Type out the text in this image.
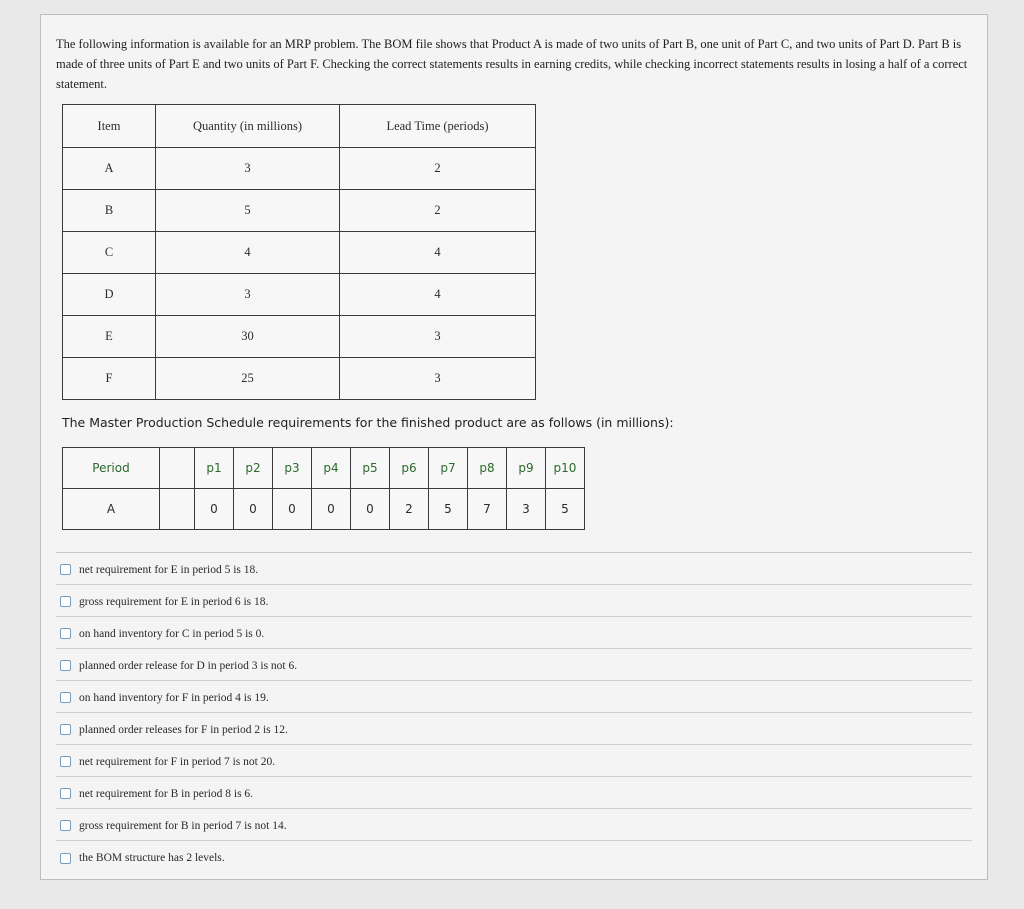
The following information is available for an MRP problem. The BOM file shows that Product A is made of two units of Part B, one unit of Part C, and two units of Part D. Part B is made of three units of Part E and two units of Part F. Checking the correct statements results in earning credits, while checking incorrect statements results in losing a half of a correct statement.
Item	Quantity (in millions)	Lead Time (periods)
A	3	2
B	5	2
C	4	4
D	3	4
E	30	3
F	25	3
The Master Production Schedule requirements for the finished product are as follows (in millions):
Period		p1	p2	p3	p4	p5	p6	p7	p8	p9	p10
A		0	0	0	0	0	2	5	7	3	5
net requirement for E in period 5 is 18.
gross requirement for E in period 6 is 18.
on hand inventory for C in period 5 is 0.
planned order release for D in period 3 is not 6.
on hand inventory for F in period 4 is 19.
planned order releases for F in period 2 is 12.
net requirement for F in period 7 is not 20.
net requirement for B in period 8 is 6.
gross requirement for B in period 7 is not 14.
the BOM structure has 2 levels.
